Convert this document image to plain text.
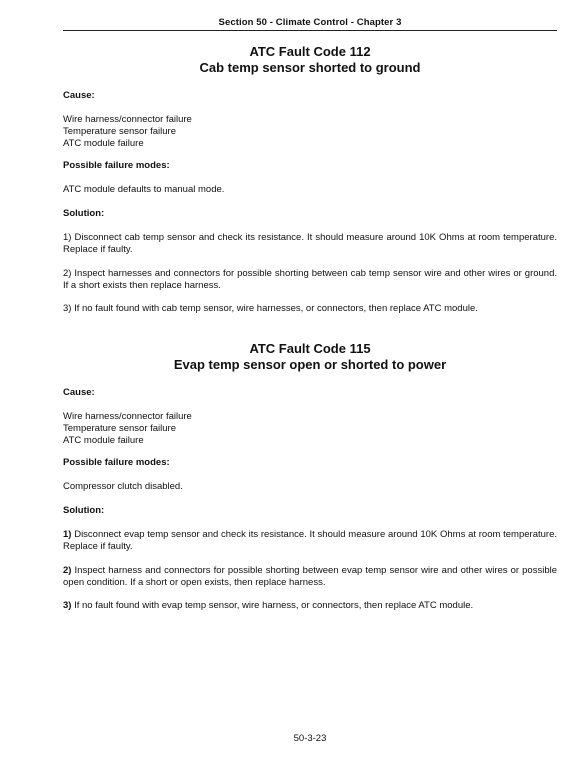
Section 50 - Climate Control - Chapter 3
ATC Fault Code 112
Cab temp sensor shorted to ground
Cause:
Wire harness/connector failure
Temperature sensor failure
ATC module failure
Possible failure modes:
ATC module defaults to manual mode.
Solution:
1) Disconnect cab temp sensor and check its resistance. It should measure around 10K Ohms at room temperature. Replace if faulty.
2) Inspect harnesses and connectors for possible shorting between cab temp sensor wire and other wires or ground. If a short exists then replace harness.
3) If no fault found with cab temp sensor, wire harnesses, or connectors, then replace ATC module.
ATC Fault Code 115
Evap temp sensor open or shorted to power
Cause:
Wire harness/connector failure
Temperature sensor failure
ATC module failure
Possible failure modes:
Compressor clutch disabled.
Solution:
1) Disconnect evap temp sensor and check its resistance. It should measure around 10K Ohms at room temperature. Replace if faulty.
2) Inspect harness and connectors for possible shorting between evap temp sensor wire and other wires or possible open condition. If a short or open exists, then replace harness.
3) If no fault found with evap temp sensor, wire harness, or connectors, then replace ATC module.
50-3-23
